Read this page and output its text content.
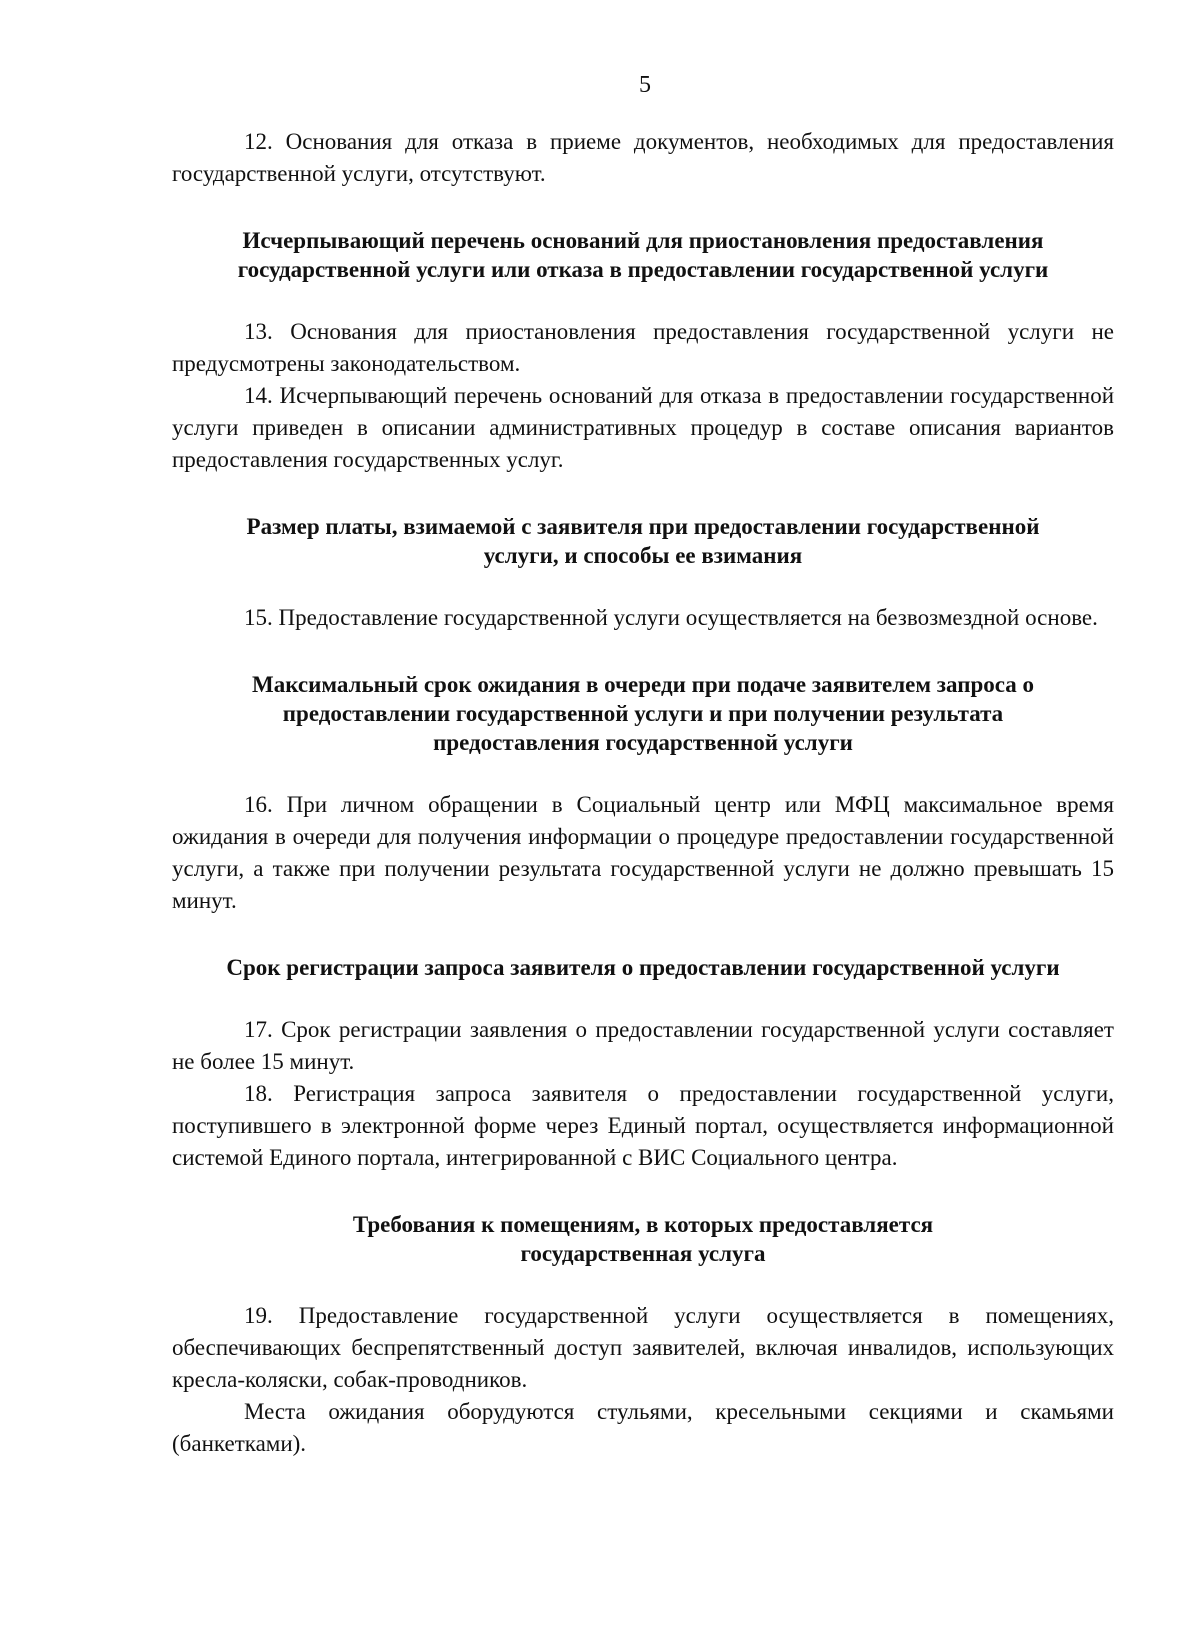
5

12. Основания для отказа в приеме документов, необходимых для предоставления государственной услуги, отсутствуют.

Исчерпывающий перечень оснований для приостановления предоставления
государственной услуги или отказа в предоставлении государственной услуги

13. Основания для приостановления предоставления государственной услуги не предусмотрены законодательством.

14. Исчерпывающий перечень оснований для отказа в предоставлении государственной услуги приведен в описании административных процедур в составе описания вариантов предоставления государственных услуг.

Размер платы, взимаемой с заявителя при предоставлении государственной
услуги, и способы ее взимания

15. Предоставление государственной услуги осуществляется на безвозмездной основе.

Максимальный срок ожидания в очереди при подаче заявителем запроса о
предоставлении государственной услуги и при получении результата
предоставления государственной услуги

16. При личном обращении в Социальный центр или МФЦ максимальное время ожидания в очереди для получения информации о процедуре предоставлении государственной услуги, а также при получении результата государственной услуги не должно превышать 15 минут.

Срок регистрации запроса заявителя о предоставлении государственной услуги

17. Срок регистрации заявления о предоставлении государственной услуги составляет не более 15 минут.

18. Регистрация запроса заявителя о предоставлении государственной услуги, поступившего в электронной форме через Единый портал, осуществляется информационной системой Единого портала, интегрированной с ВИС Социального центра.

Требования к помещениям, в которых предоставляется
государственная услуга

19. Предоставление государственной услуги осуществляется в помещениях, обеспечивающих беспрепятственный доступ заявителей, включая инвалидов, использующих кресла-коляски, собак-проводников.

Места ожидания оборудуются стульями, кресельными секциями и скамьями (банкетками).
